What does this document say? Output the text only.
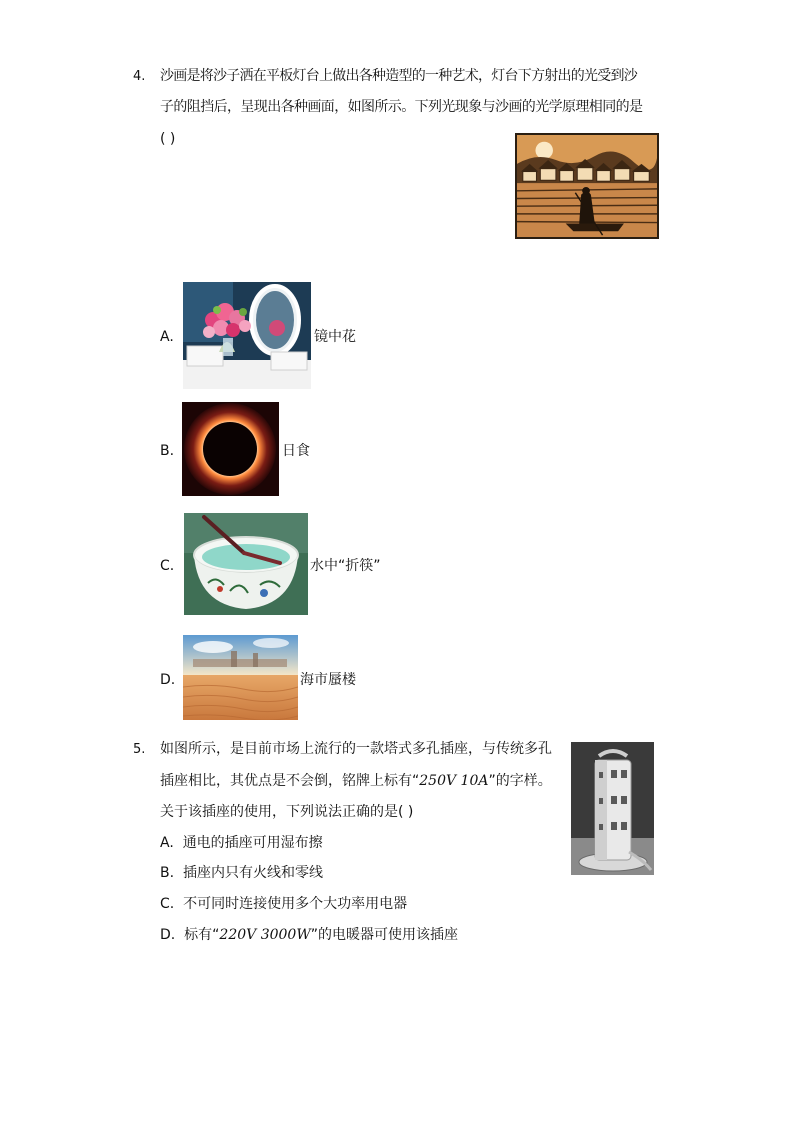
4. 沙画是将沙子洒在平板灯台上做出各种造型的一种艺术，灯台下方射出的光受到沙
子的阻挡后，呈现出各种画面，如图所示。下列光现象与沙画的光学原理相同的是
( )
A.	镜中花
B.	日食
C.	水中“折筷”
D.	海市蜃楼
5. 如图所示，是目前市场上流行的一款塔式多孔插座，与传统多孔
插座相比，其优点是不会倒，铭牌上标有“250V 10A”的字样。
关于该插座的使用，下列说法正确的是( )
A. 通电的插座可用湿布擦
B. 插座内只有火线和零线
C. 不可同时连接使用多个大功率用电器
D. 标有“220V 3000W”的电暖器可使用该插座
